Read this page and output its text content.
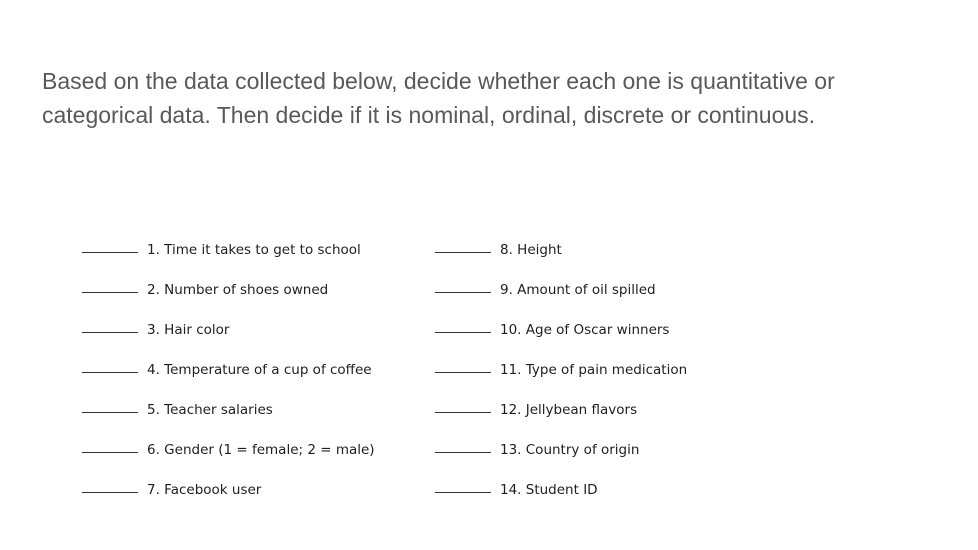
Based on the data collected below, decide whether each one is quantitative or
categorical data. Then decide if it is nominal, ordinal, discrete or continuous.

1. Time it takes to get to school
2. Number of shoes owned
3. Hair color
4. Temperature of a cup of coffee
5. Teacher salaries
6. Gender (1 = female; 2 = male)
7. Facebook user
8. Height
9. Amount of oil spilled
10. Age of Oscar winners
11. Type of pain medication
12. Jellybean flavors
13. Country of origin
14. Student ID
